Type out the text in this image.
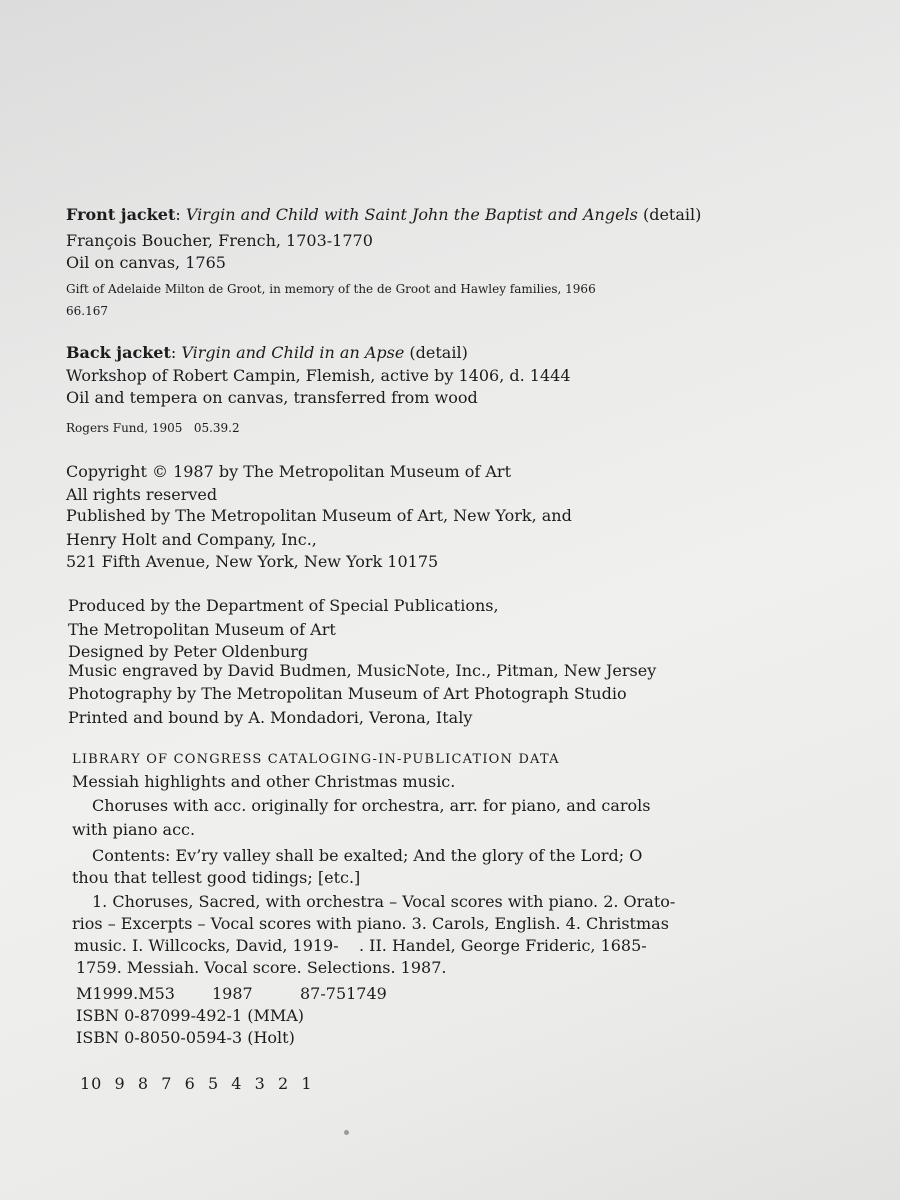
Front jacket: Virgin and Child with Saint John the Baptist and Angels (detail)
François Boucher, French, 1703-1770
Oil on canvas, 1765
Gift of Adelaide Milton de Groot, in memory of the de Groot and Hawley families, 1966
66.167
Back jacket: Virgin and Child in an Apse (detail)
Workshop of Robert Campin, Flemish, active by 1406, d. 1444
Oil and tempera on canvas, transferred from wood
Rogers Fund, 1905   05.39.2
Copyright © 1987 by The Metropolitan Museum of Art
All rights reserved
Published by The Metropolitan Museum of Art, New York, and
Henry Holt and Company, Inc.,
521 Fifth Avenue, New York, New York 10175
Produced by the Department of Special Publications,
The Metropolitan Museum of Art
Designed by Peter Oldenburg
Music engraved by David Budmen, MusicNote, Inc., Pitman, New Jersey
Photography by The Metropolitan Museum of Art Photograph Studio
Printed and bound by A. Mondadori, Verona, Italy
LIBRARY OF CONGRESS CATALOGING-IN-PUBLICATION DATA
Messiah highlights and other Christmas music.
Choruses with acc. originally for orchestra, arr. for piano, and carols
with piano acc.
Contents: Ev’ry valley shall be exalted; And the glory of the Lord; O
thou that tellest good tidings; [etc.]
1. Choruses, Sacred, with orchestra – Vocal scores with piano. 2. Orato-
rios – Excerpts – Vocal scores with piano. 3. Carols, English. 4. Christmas
music. I. Willcocks, David, 1919-    . II. Handel, George Frideric, 1685-
1759. Messiah. Vocal score. Selections. 1987.
M1999.M53 1987	87-751749
ISBN 0-87099-492-1 (MMA)
ISBN 0-8050-0594-3 (Holt)
10  9  8  7  6  5  4  3  2  1
